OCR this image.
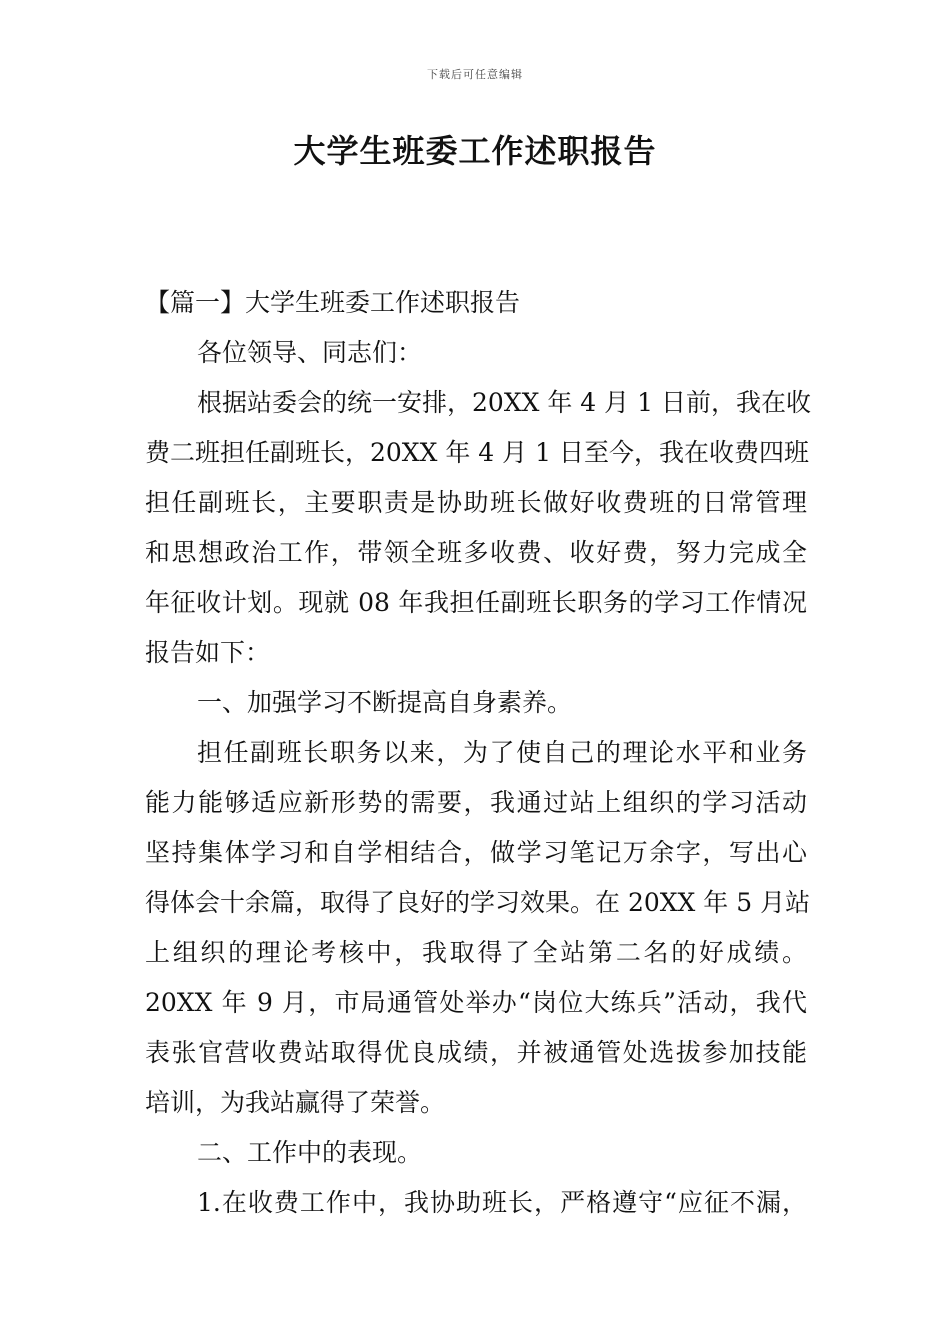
下载后可任意编辑
大学生班委工作述职报告
【篇一】大学生班委工作述职报告
各位领导、同志们：
根据站委会的统一安排，20XX 年 4 月 1 日前，我在收
费二班担任副班长，20XX 年 4 月 1 日至今，我在收费四班
担任副班长，主要职责是协助班长做好收费班的日常管理
和思想政治工作，带领全班多收费、收好费，努力完成全
年征收计划。现就 08 年我担任副班长职务的学习工作情况
报告如下：
一、加强学习不断提高自身素养。
担任副班长职务以来，为了使自己的理论水平和业务
能力能够适应新形势的需要，我通过站上组织的学习活动
坚持集体学习和自学相结合，做学习笔记万余字，写出心
得体会十余篇，取得了良好的学习效果。在 20XX 年 5 月站
上组织的理论考核中，我取得了全站第二名的好成绩。
20XX 年 9 月，市局通管处举办“岗位大练兵”活动，我代
表张官营收费站取得优良成绩，并被通管处选拔参加技能
培训，为我站赢得了荣誉。
二、工作中的表现。
1.在收费工作中，我协助班长，严格遵守“应征不漏，
